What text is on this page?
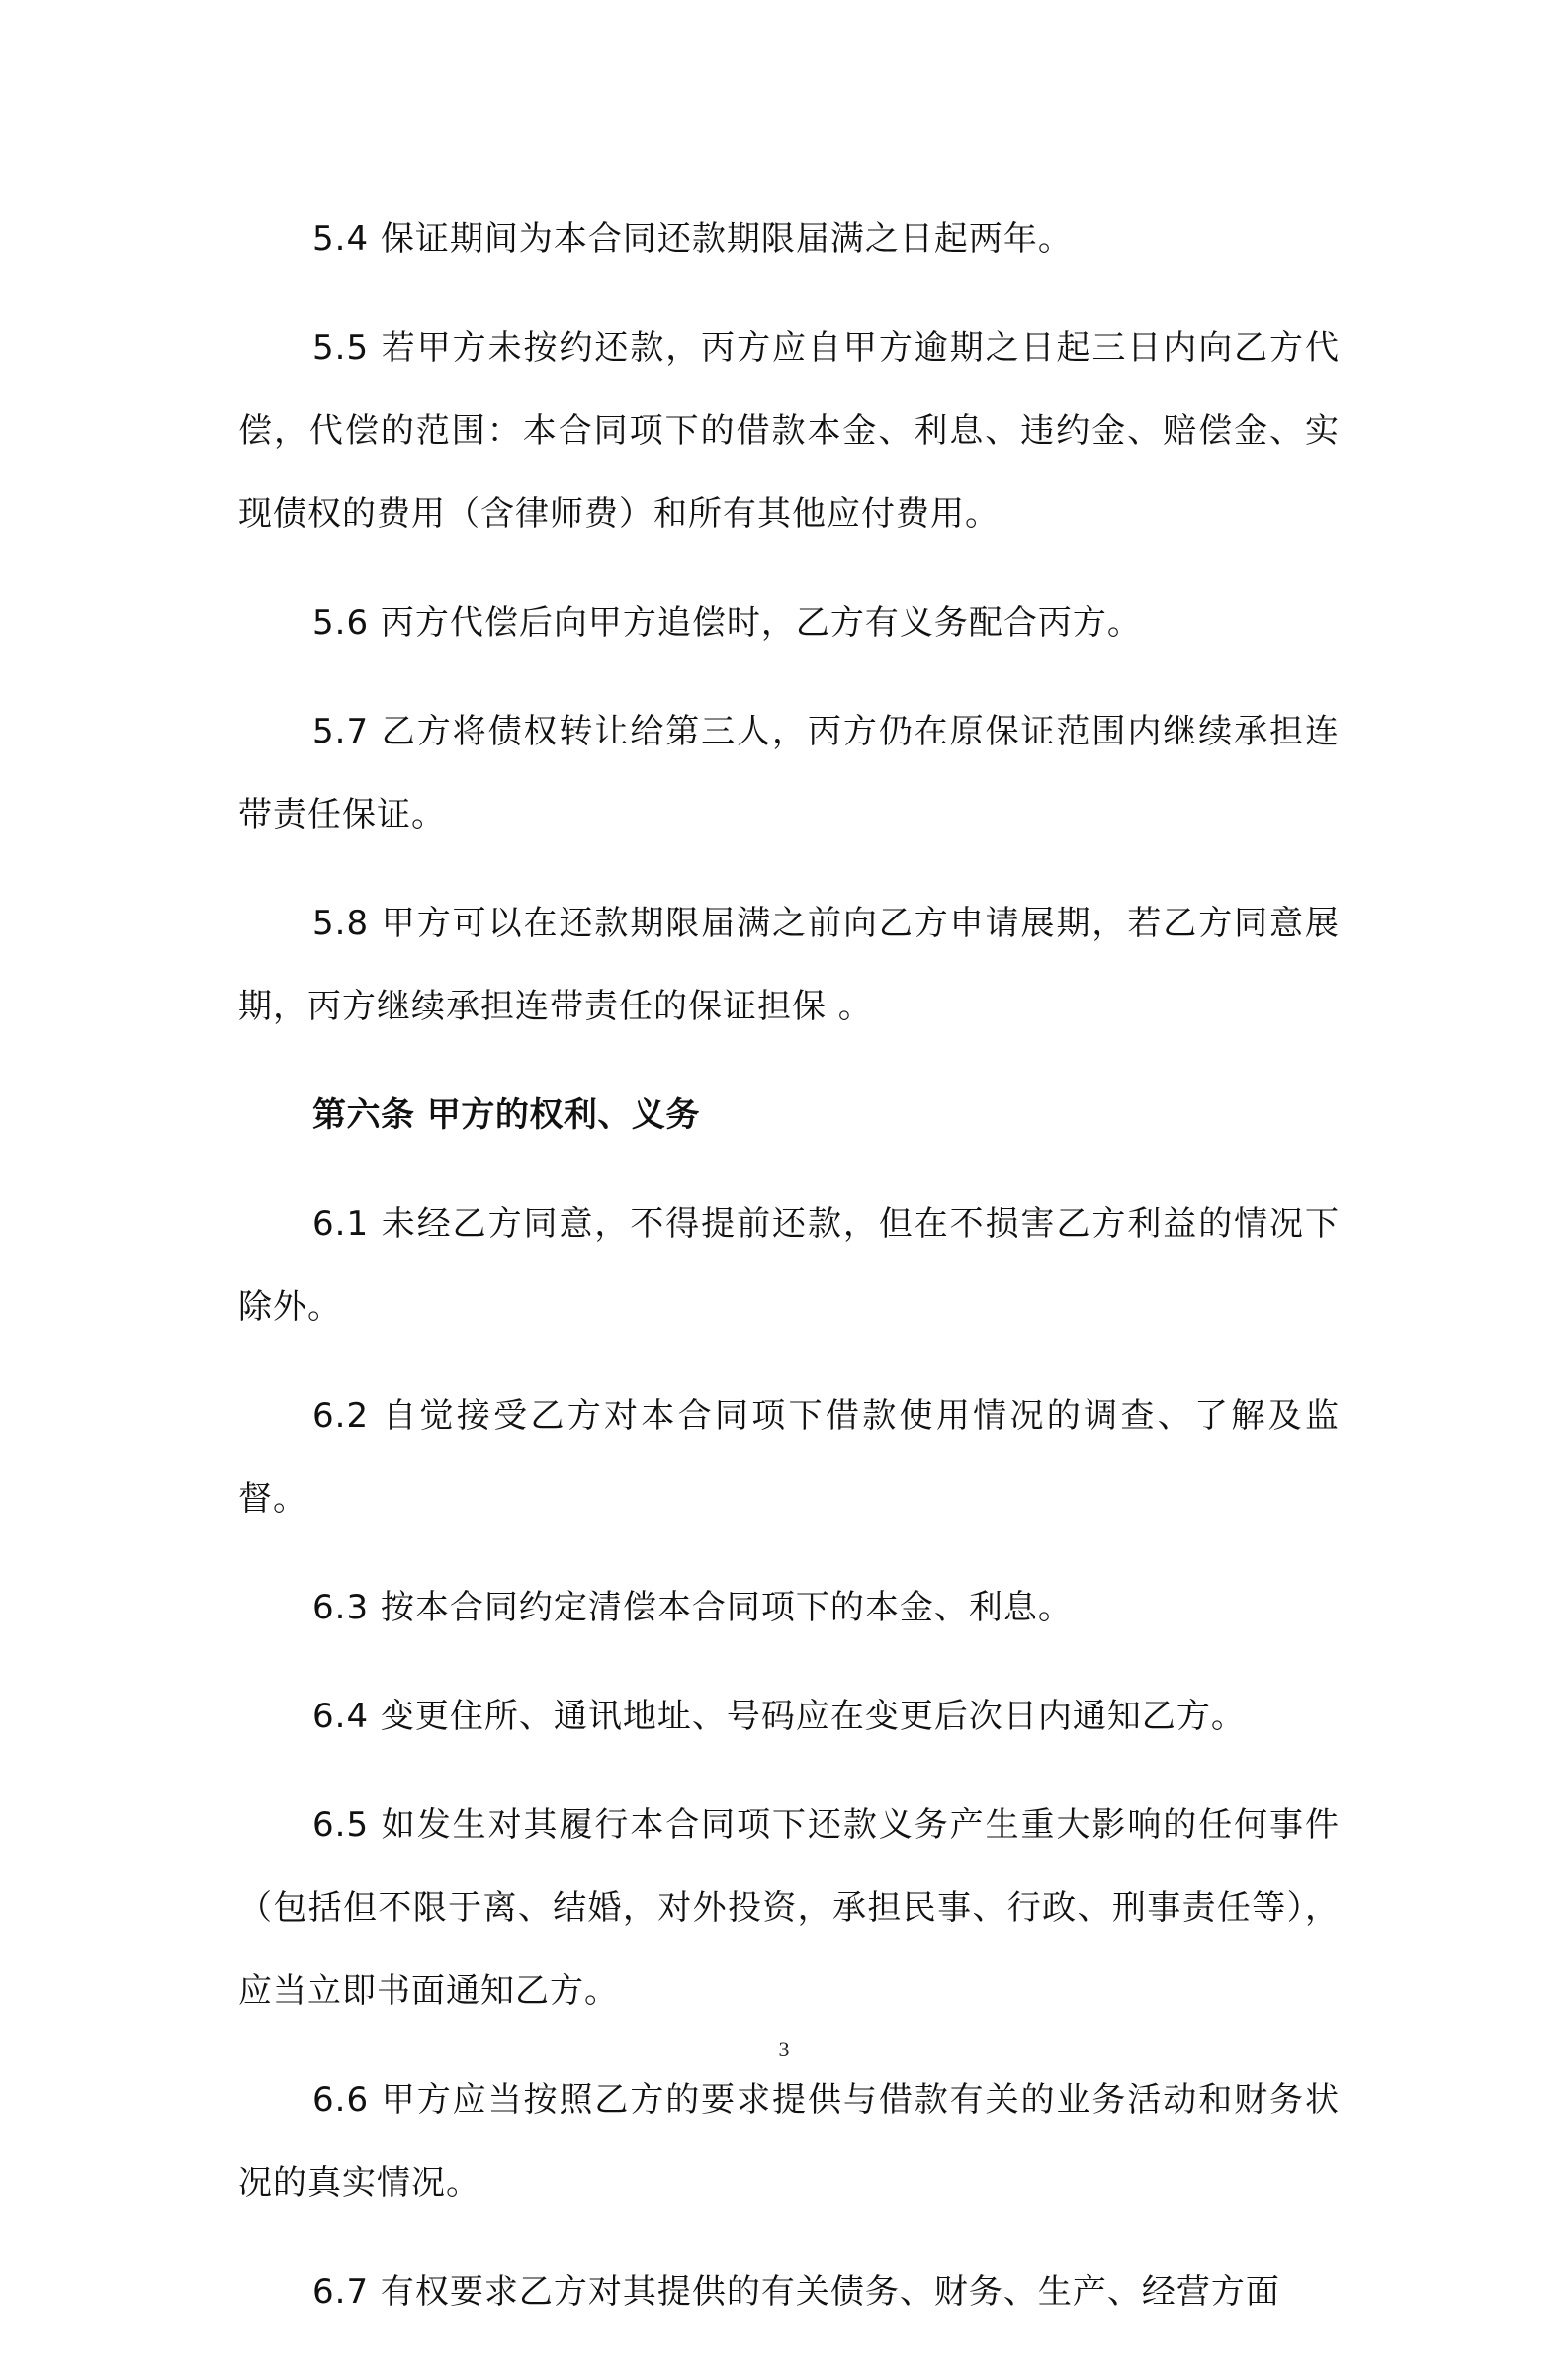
5.4 保证期间为本合同还款期限届满之日起两年。

5.5 若甲方未按约还款，丙方应自甲方逾期之日起三日内向乙方代偿，代偿的范围：本合同项下的借款本金、利息、违约金、赔偿金、实现债权的费用（含律师费）和所有其他应付费用。

5.6 丙方代偿后向甲方追偿时，乙方有义务配合丙方。

5.7 乙方将债权转让给第三人，丙方仍在原保证范围内继续承担连带责任保证。

5.8 甲方可以在还款期限届满之前向乙方申请展期，若乙方同意展期，丙方继续承担连带责任的保证担保 。

第六条 甲方的权利、义务

6.1 未经乙方同意，不得提前还款，但在不损害乙方利益的情况下除外。

6.2 自觉接受乙方对本合同项下借款使用情况的调查、了解及监督。

6.3 按本合同约定清偿本合同项下的本金、利息。

6.4 变更住所、通讯地址、号码应在变更后次日内通知乙方。

6.5 如发生对其履行本合同项下还款义务产生重大影响的任何事件（包括但不限于离、结婚，对外投资，承担民事、行政、刑事责任等），应当立即书面通知乙方。

6.6 甲方应当按照乙方的要求提供与借款有关的业务活动和财务状况的真实情况。

6.7 有权要求乙方对其提供的有关债务、财务、生产、经营方面

3
